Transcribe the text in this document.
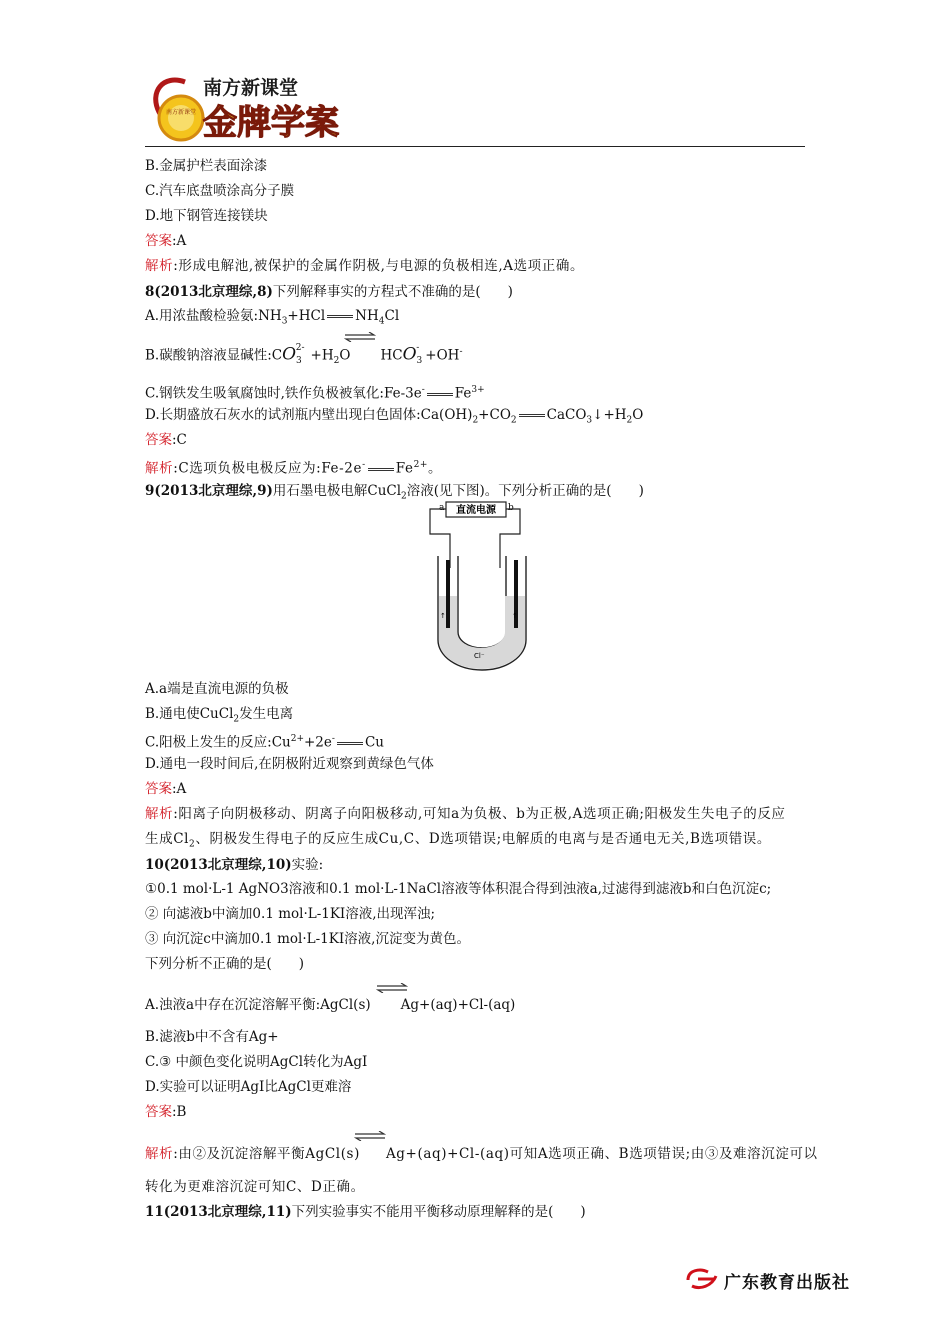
南方新课堂
南方新课堂
金牌学案
B.金属护栏表面涂漆
C.汽车底盘喷涂高分子膜
D.地下钢管连接镁块
答案:A
解析:形成电解池,被保护的金属作阴极,与电源的负极相连,A选项正确。
8(2013北京理综,8)下列解释事实的方程式不准确的是(　　)
A.用浓盐酸检验氨$:NH_3+HCl$ $NH_4Cl$
B.碳酸钠溶液显碱性$:CO_3^{2-} +H_2O$ $HCO_3^- +OH^-$
C.钢铁发生吸氧腐蚀时,铁作负极被氧化:Fe-3e- $Fe^{3+}$
D.长期盛放石灰水的试剂瓶内壁出现白色固体$:Ca(OH)_2+CO_2$ $CaCO_3↓+H_2O$
答案:C
解析:C选项负极电极反应为:Fe-2e- $Fe^{2+}$。
9(2013北京理综,9)用石墨电极电解CuCl$_2$溶液(见下图)。下列分析正确的是(　　)
直流电源
a	b
↑	↑
Cl⁻
A.a端是直流电源的负极
B.通电使CuCl$_2$发生电离
C.阳极上发生的反应$:Cu^{2+}+2e^-$ Cu
D.通电一段时间后,在阴极附近观察到黄绿色气体
答案:A
解析:阳离子向阴极移动、阴离子向阳极移动,可知a为负极、b为正极,A选项正确;阳极发生失电子的反应
生成$Cl_2$、阴极发生得电子的反应生成Cu,C、D选项错误;电解质的电离与是否通电无关,B选项错误。
10(2013北京理综,10)实验:
①0.1 mol·L-1 AgNO3溶液和0.1 mol·L-1NaCl溶液等体积混合得到浊液a,过滤得到滤液b和白色沉淀c;
② 向滤液b中滴加0.1 mol·L-1KI溶液,出现浑浊;
③ 向沉淀c中滴加0.1 mol·L-1KI溶液,沉淀变为黄色。
下列分析不正确的是(　　)
A.浊液a中存在沉淀溶解平衡:AgCl(s) Ag+(aq)+Cl-(aq)
B.滤液b中不含有Ag+
C.③ 中颜色变化说明AgCl转化为AgI
D.实验可以证明AgI比AgCl更难溶
答案:B
解析:由②及沉淀溶解平衡AgCl(s) Ag+(aq)+Cl-(aq)可知A选项正确、B选项错误;由③及难溶沉淀可以
转化为更难溶沉淀可知C、D正确。
11(2013北京理综,11)下列实验事实不能用平衡移动原理解释的是(　　)
广东教育出版社
